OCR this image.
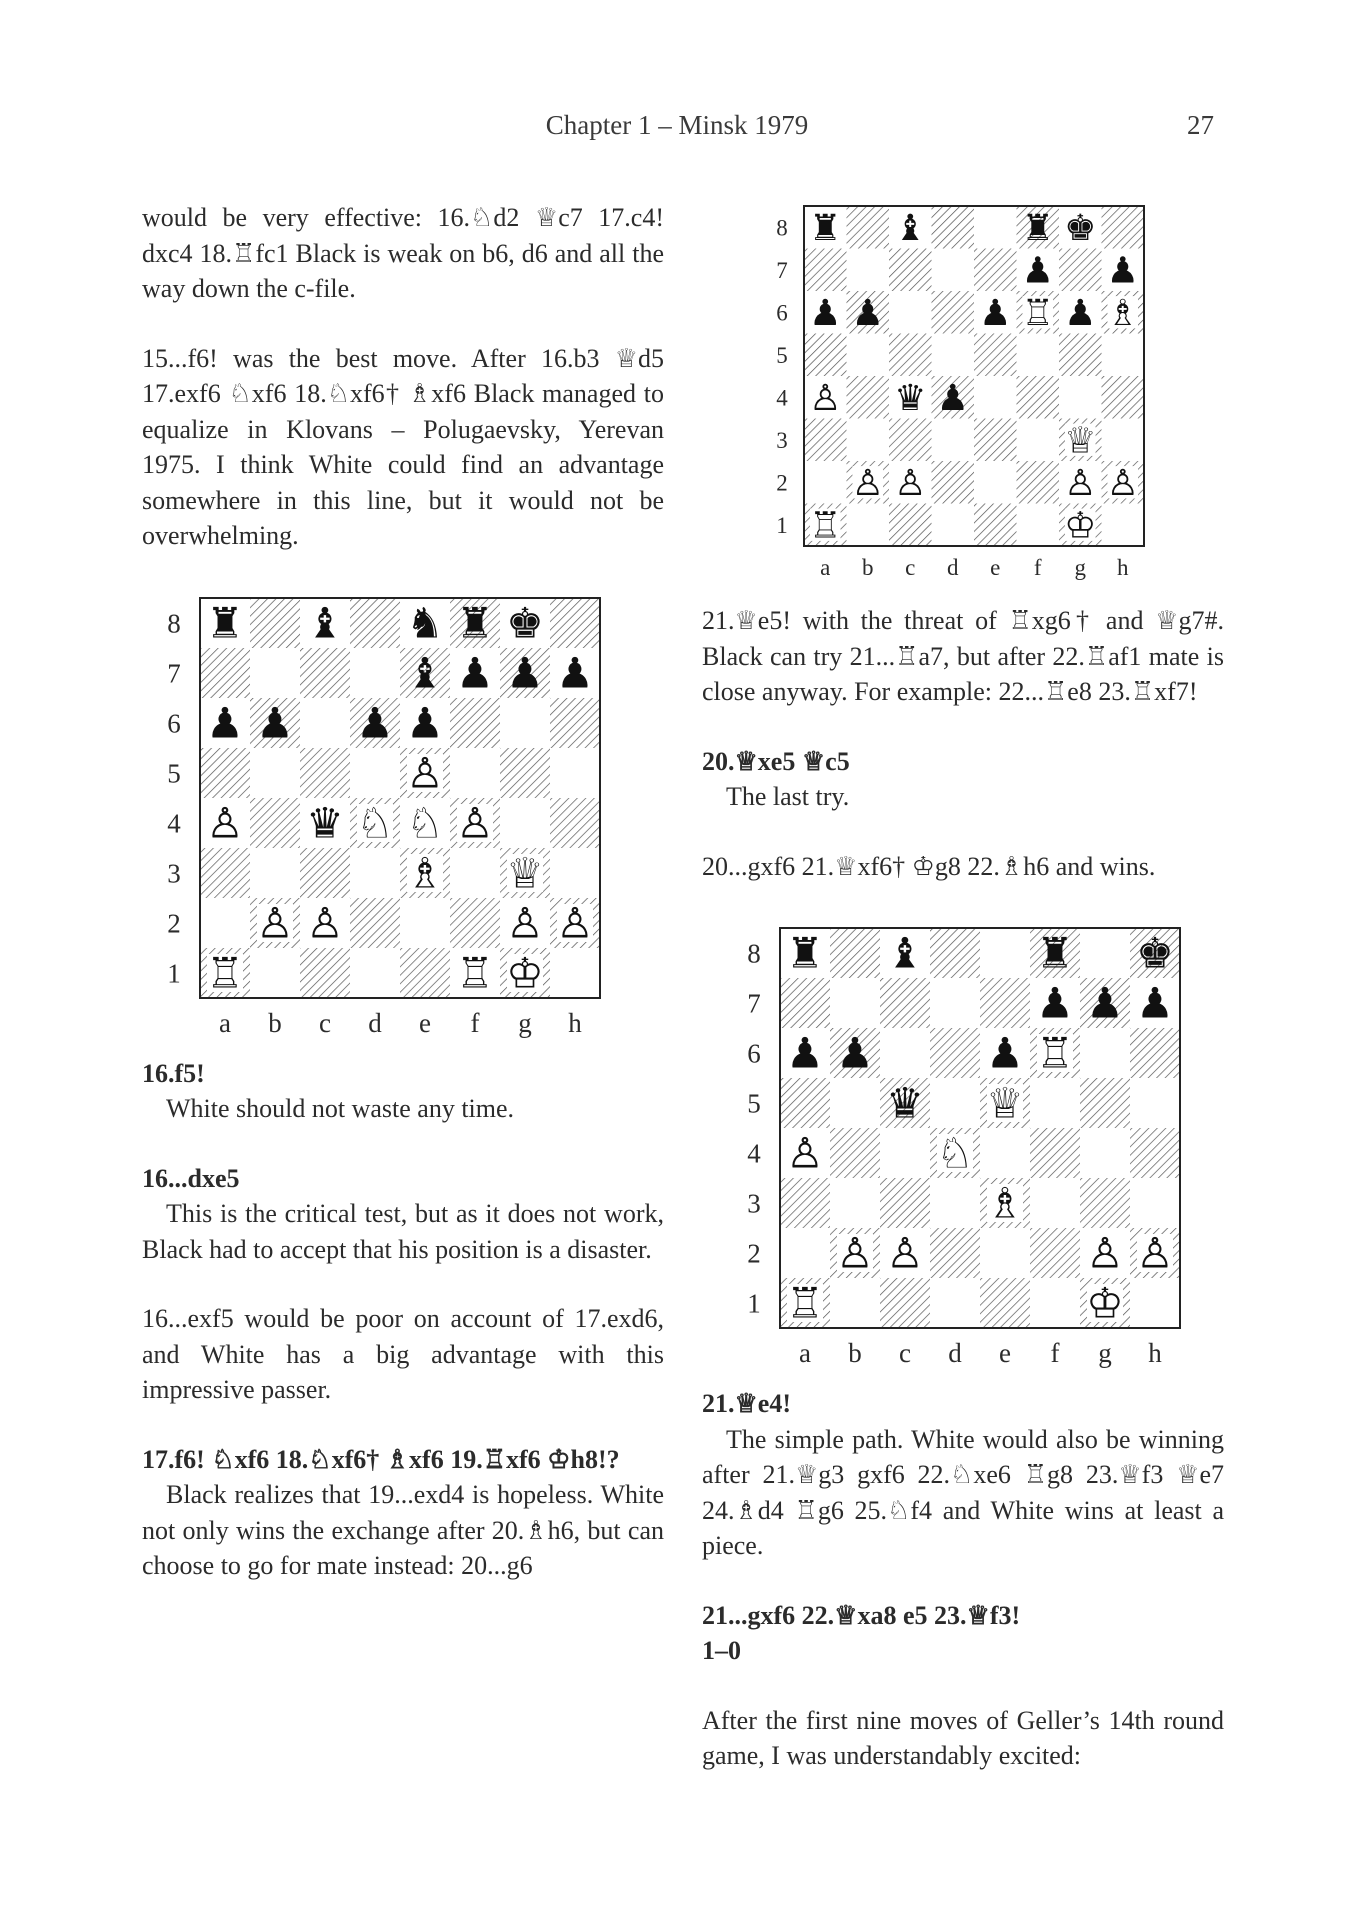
Chapter 1 – Minsk 1979	27

would be very effective: 16.♘d2 ♕c7 17.c4! dxc4 18.♖fc1 Black is weak on b6, d6 and all the way down the c-file.

15...f6! was the best move. After 16.b3 ♕d5 17.exf6 ♘xf6 18.♘xf6† ♗xf6 Black managed to equalize in Klovans – Polugaevsky, Yerevan 1975. I think White could find an advantage somewhere in this line, but it would not be overwhelming.

♜ ♝ ♞ ♜ ♚
♝ ♟ ♟ ♟
♟ ♟ ♟ ♟
♙
♙ ♛ ♘ ♘ ♙
♗ ♕
♙ ♙	♙ ♙
♖	♖ ♔
8
7
6
5
4
3
2
1
a b c d e f g h

16.f5!

White should not waste any time.

16...dxe5

This is the critical test, but as it does not work, Black had to accept that his position is a disaster.

16...exf5 would be poor on account of 17.exd6, and White has a big advantage with this impressive passer.

17.f6! ♘xf6 18.♘xf6† ♗xf6 19.♖xf6 ♔h8!?

Black realizes that 19...exd4 is hopeless. White not only wins the exchange after 20.♗h6, but can choose to go for mate instead: 20...g6

♜ ♝	♜ ♚
♟ ♟
♟ ♟	♟ ♖ ♟ ♗
♙ ♛ ♟
♕
♙ ♙	♙ ♙
♖	♔
8
7
6
5
4
3
2
1
a b c d e f g h

21.♕e5! with the threat of ♖xg6† and ♕g7#. Black can try 21...♖a7, but after 22.♖af1 mate is close anyway. For example: 22...♖e8 23.♖xf7!

20.♕xe5 ♕c5

The last try.

20...gxf6 21.♕xf6† ♔g8 22.♗h6 and wins.

♜ ♝	♜ ♚
♟ ♟ ♟
♟ ♟	♟ ♖
♛ ♕
♙	♘
♗
♙ ♙	♙ ♙
♖	♔
8
7
6
5
4
3
2
1
a b c d e f g h

21.♕e4!

The simple path. White would also be winning after 21.♕g3 gxf6 22.♘xe6 ♖g8 23.♕f3 ♕e7 24.♗d4 ♖g6 25.♘f4 and White wins at least a piece.

21...gxf6 22.♕xa8 e5 23.♕f3!

1–0

After the first nine moves of Geller’s 14th round game, I was understandably excited:
